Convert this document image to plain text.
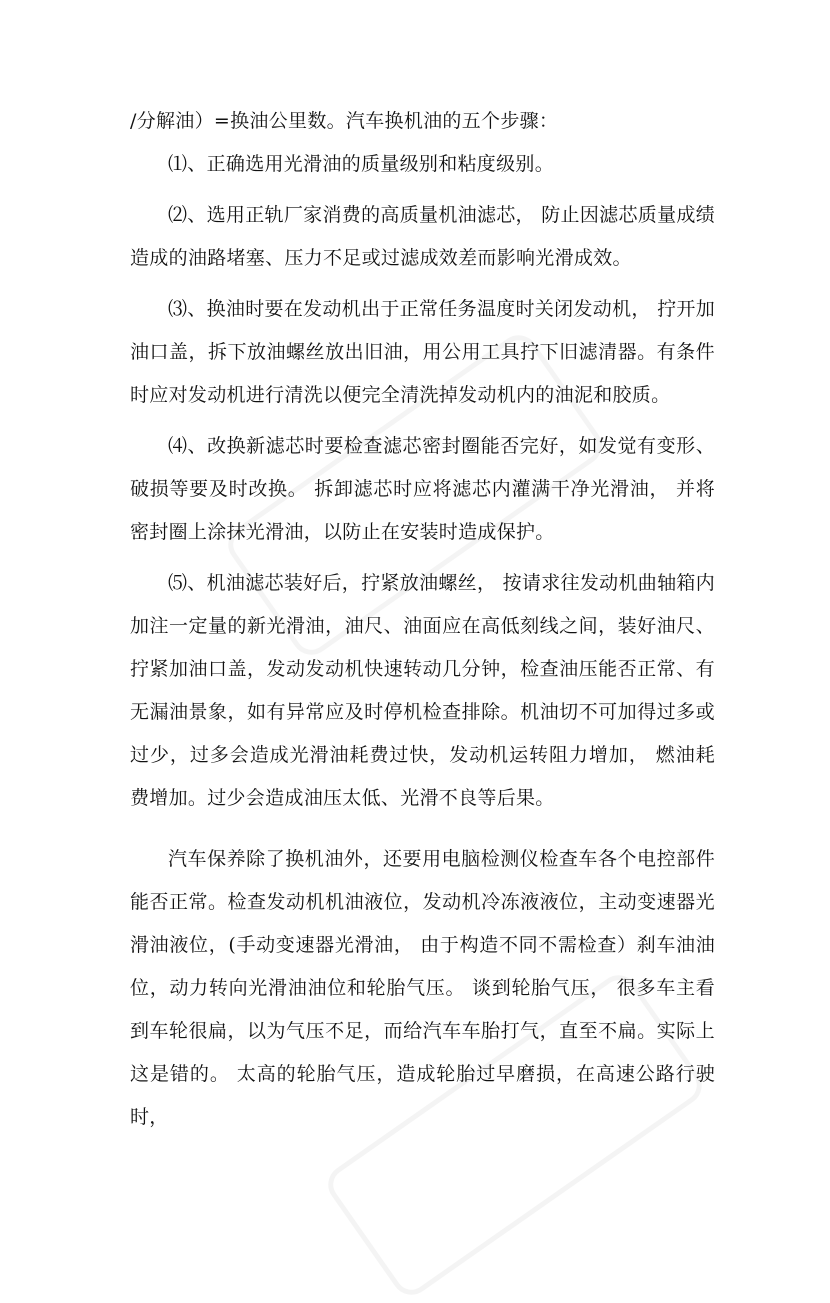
/分解油）=换油公里数。汽车换机油的五个步骤：

⑴、正确选用光滑油的质量级别和粘度级别。

⑵、选用正轨厂家消费的高质量机油滤芯， 防止因滤芯质量成绩造成的油路堵塞、压力不足或过滤成效差而影响光滑成效。

⑶、换油时要在发动机出于正常任务温度时关闭发动机， 拧开加油口盖，拆下放油螺丝放出旧油，用公用工具拧下旧滤清器。有条件时应对发动机进行清洗以便完全清洗掉发动机内的油泥和胶质。

⑷、改换新滤芯时要检查滤芯密封圈能否完好，如发觉有变形、破损等要及时改换。 拆卸滤芯时应将滤芯内灌满干净光滑油， 并将密封圈上涂抹光滑油，以防止在安装时造成保护。

⑸、机油滤芯装好后，拧紧放油螺丝， 按请求往发动机曲轴箱内加注一定量的新光滑油，油尺、油面应在高低刻线之间，装好油尺、拧紧加油口盖，发动发动机快速转动几分钟，检查油压能否正常、有无漏油景象，如有异常应及时停机检查排除。机油切不可加得过多或过少，过多会造成光滑油耗费过快，发动机运转阻力增加， 燃油耗费增加。过少会造成油压太低、光滑不良等后果。

汽车保养除了换机油外，还要用电脑检测仪检查车各个电控部件能否正常。检查发动机机油液位，发动机冷冻液液位，主动变速器光滑油液位，(手动变速器光滑油， 由于构造不同不需检查）刹车油油位，动力转向光滑油油位和轮胎气压。 谈到轮胎气压， 很多车主看到车轮很扁，以为气压不足，而给汽车车胎打气，直至不扁。实际上这是错的。 太高的轮胎气压，造成轮胎过早磨损，在高速公路行驶时，
